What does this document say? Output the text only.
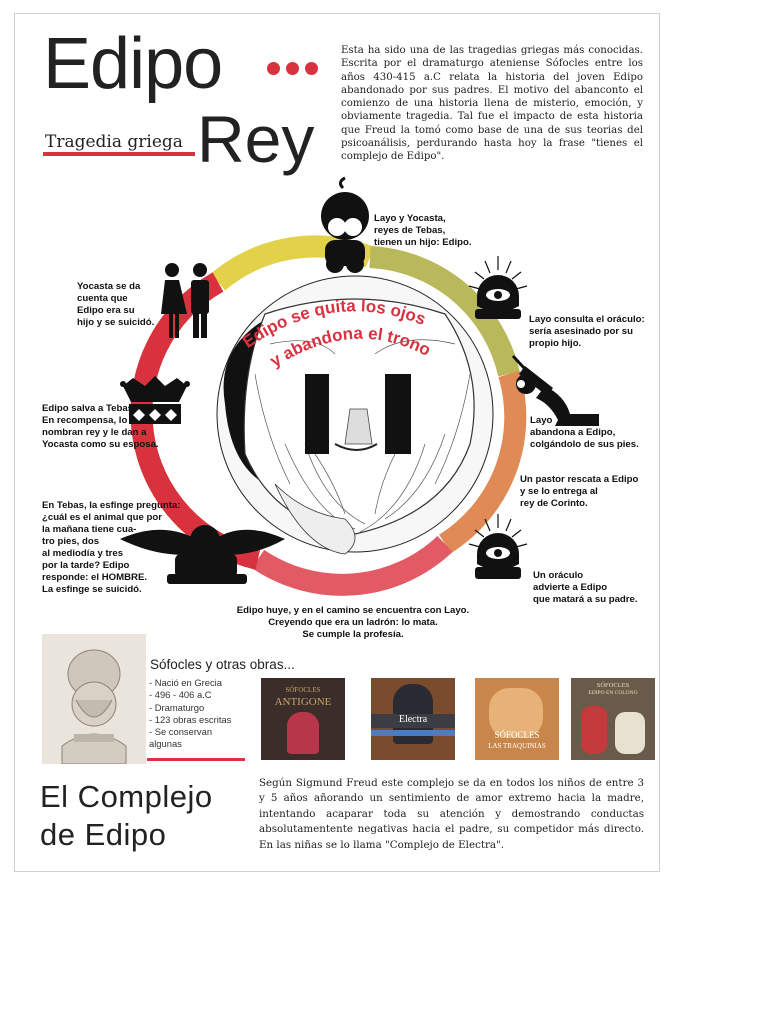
Edipo
Rey
Tragedia griega
Esta ha sido una de las tragedias griegas más conocidas. Escrita por el dramaturgo ateniense Sófocles entre los años 430-415 a.C relata la historia del joven Edipo abandonado por sus padres. El motivo del abanconto el comienzo de una historia llena de misterio, emoción, y obviamente tragedia. Tal fue el impacto de esta historia que Freud la tomó como base de una de sus teorias del psicoanálisis, perdurando hasta hoy la frase "tienes el complejo de Edipo".
Edipo se quita los ojos
y abandona el trono
Layo y Yocasta,
reyes de Tebas,
tienen un hijo: Edipo.
Layo consulta el oráculo:
sería asesinado por su
propio hijo.
Layo
abandona a Edipo,
colgándolo de sus pies.
Un pastor rescata a Edipo
y se lo entrega al
rey de Corinto.
Un oráculo
advierte a Edipo
que matará a su padre.
Edipo huye, y en el camino se encuentra con Layo.
Creyendo que era un ladrón: lo mata.
Se cumple la profesía.
En Tebas, la esfinge pregunta:
¿cuál es el animal que por
la mañana tiene cua-
tro pies, dos
al mediodía y tres
por la tarde? Edipo
responde: el HOMBRE.
La esfinge se suicidó.
Edipo salva a Tebas.
En recompensa, lo
nombran rey y le dan a
Yocasta como su esposa.
Yocasta se da
cuenta que
Edipo era su
hijo y se suicidó.
Sófocles y otras obras...
- Nació en Grecia
- 496 - 406 a.C
- Dramaturgo
- 123 obras escritas
- Se conservan
algunas
SÓFOCLES
ANTIGONE
Electra
SÓFOCLES
LAS TRAQUINIAS
SÓFOCLES
EDIPO EN COLONO
El Complejo
de Edipo
Según Sigmund Freud este complejo se da en todos los niños de entre 3 y 5 años añorando un sentimiento de amor extremo hacia la madre, intentando acaparar toda su atención y demostrando conductas absolutamentente negativas hacia el padre, su competidor más directo. En las niñas se lo llama "Complejo de Electra".
